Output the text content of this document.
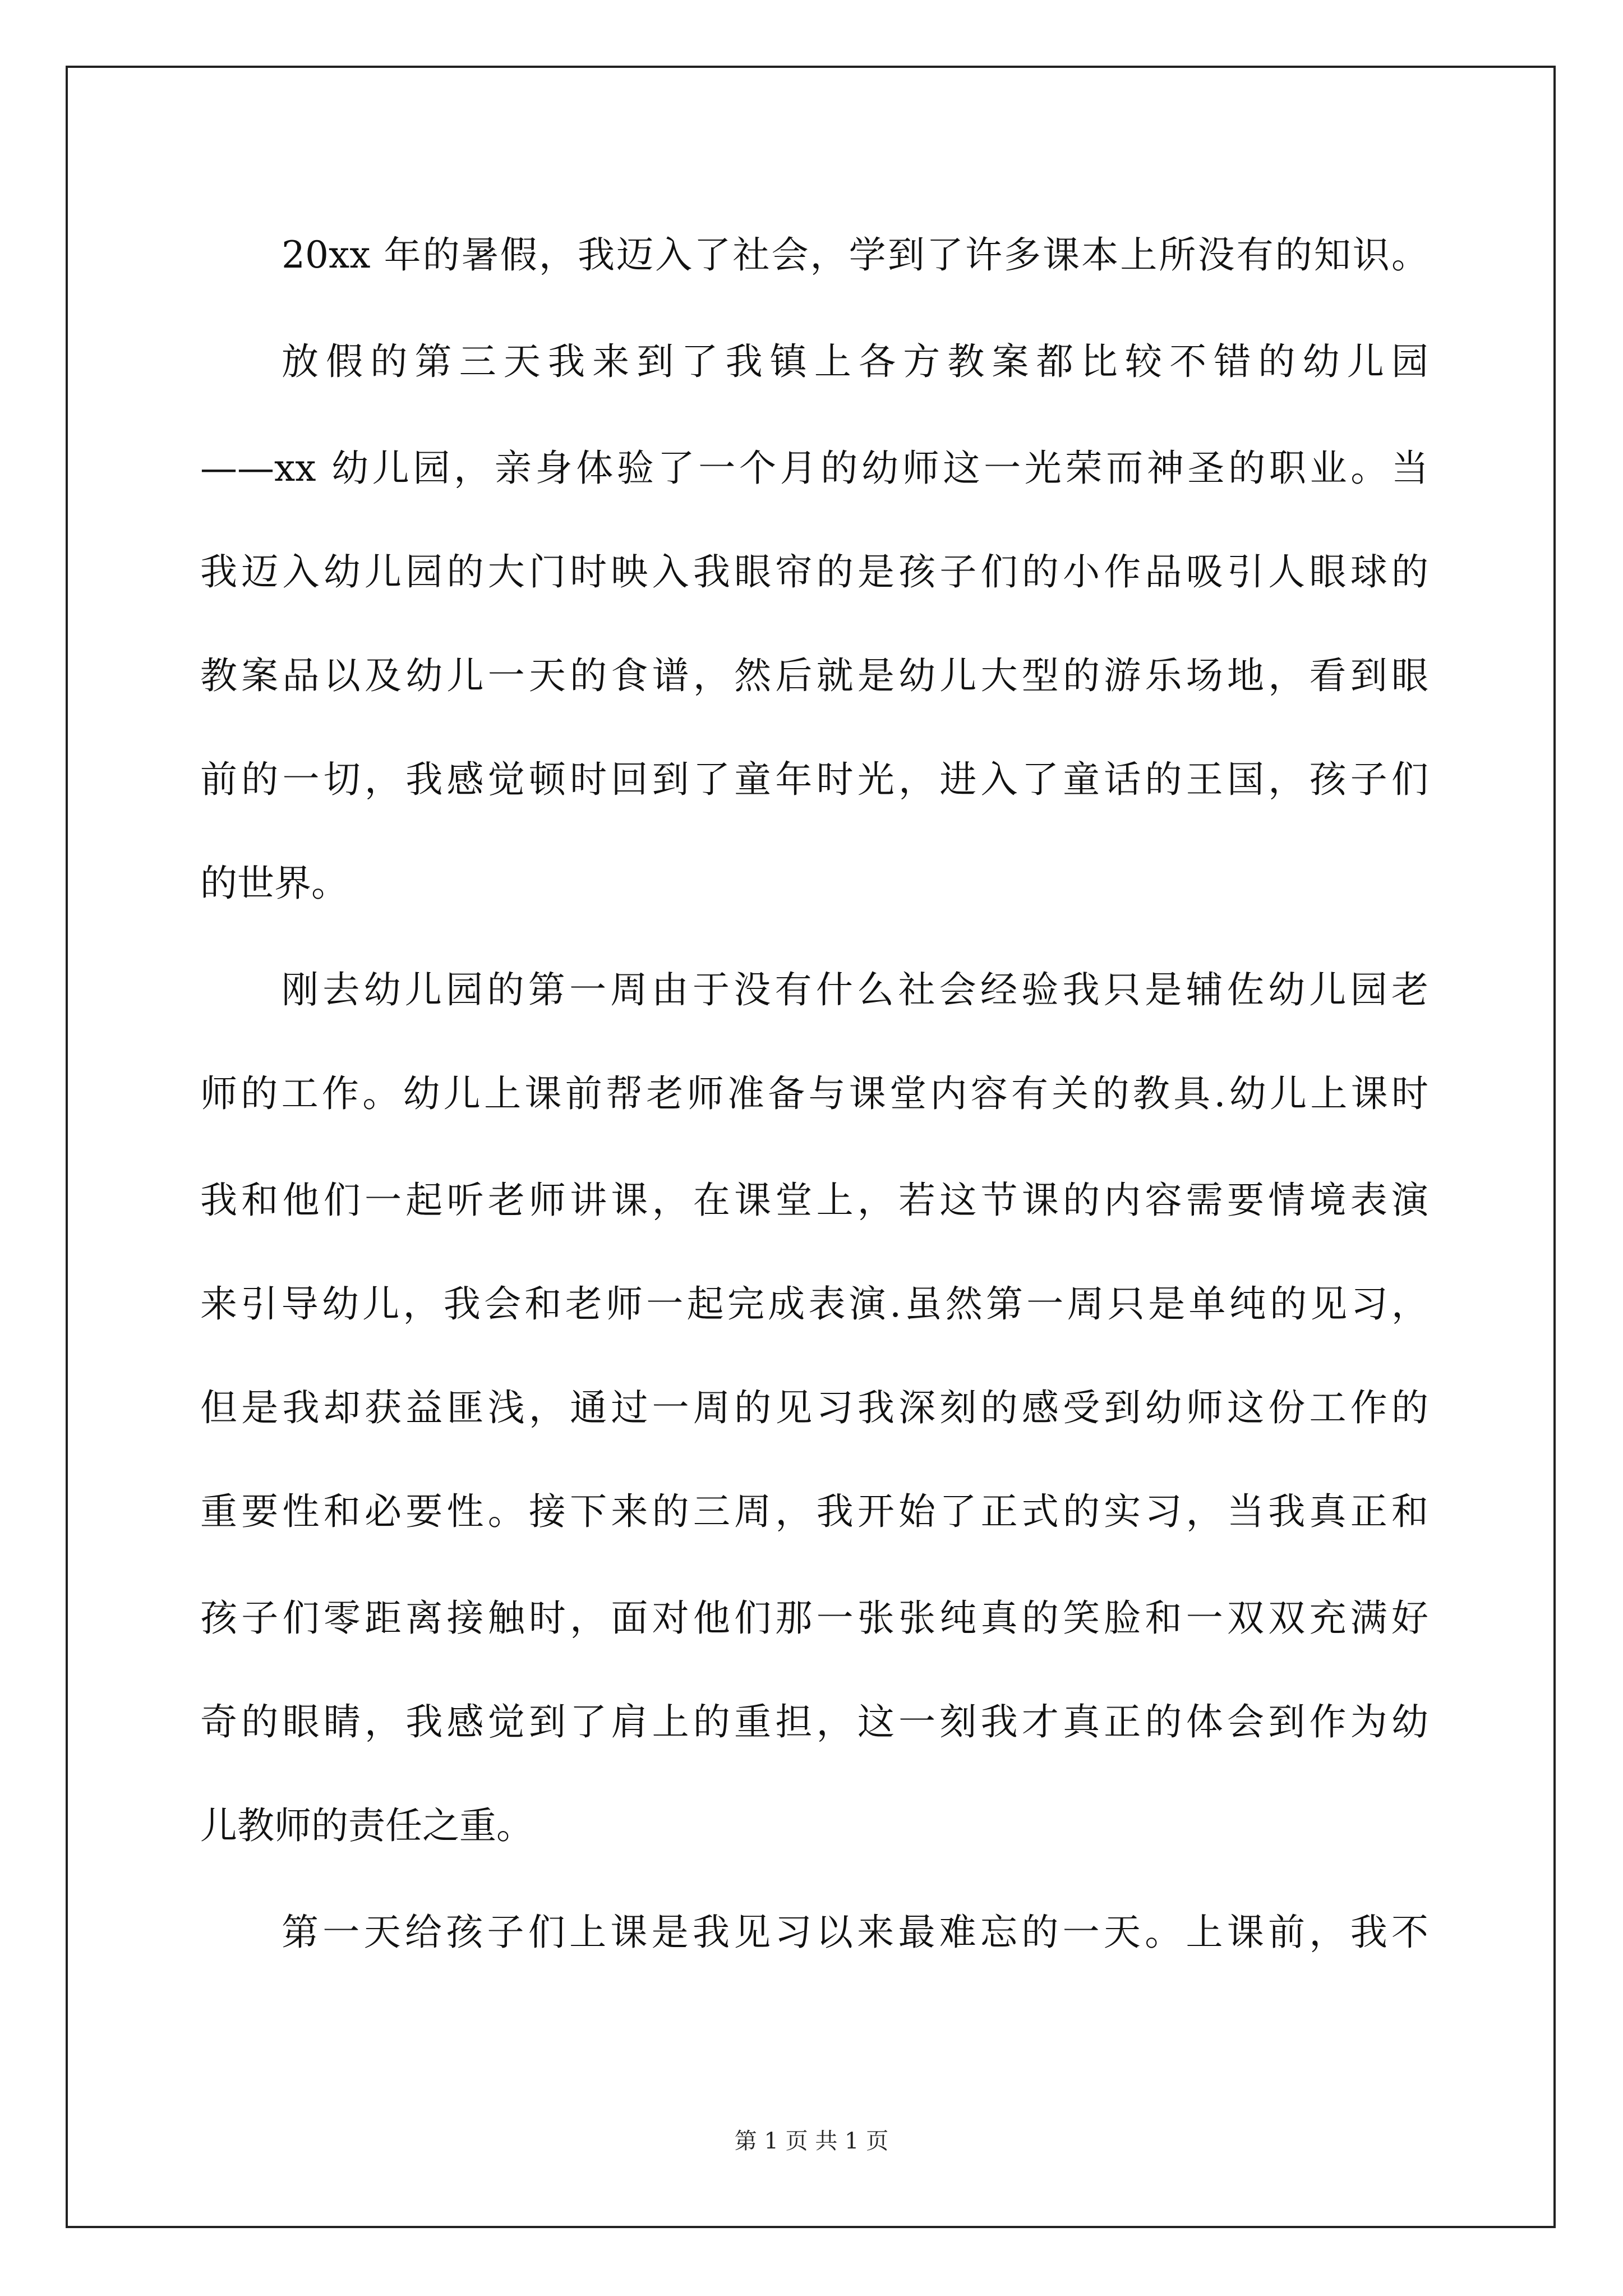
20xx 年的暑假，我迈入了社会，学到了许多课本上所没有的知识。
放假的第三天我来到了我镇上各方教案都比较不错的幼儿园
——xx 幼儿园，亲身体验了一个月的幼师这一光荣而神圣的职业。当
我迈入幼儿园的大门时映入我眼帘的是孩子们的小作品吸引人眼球的
教案品以及幼儿一天的食谱，然后就是幼儿大型的游乐场地，看到眼
前的一切，我感觉顿时回到了童年时光，进入了童话的王国，孩子们
的世界。
刚去幼儿园的第一周由于没有什么社会经验我只是辅佐幼儿园老
师的工作。幼儿上课前帮老师准备与课堂内容有关的教具.幼儿上课时
我和他们一起听老师讲课，在课堂上，若这节课的内容需要情境表演
来引导幼儿，我会和老师一起完成表演.虽然第一周只是单纯的见习，
但是我却获益匪浅，通过一周的见习我深刻的感受到幼师这份工作的
重要性和必要性。接下来的三周，我开始了正式的实习，当我真正和
孩子们零距离接触时，面对他们那一张张纯真的笑脸和一双双充满好
奇的眼睛，我感觉到了肩上的重担，这一刻我才真正的体会到作为幼
儿教师的责任之重。
第一天给孩子们上课是我见习以来最难忘的一天。上课前，我不
第 1 页 共 1 页
